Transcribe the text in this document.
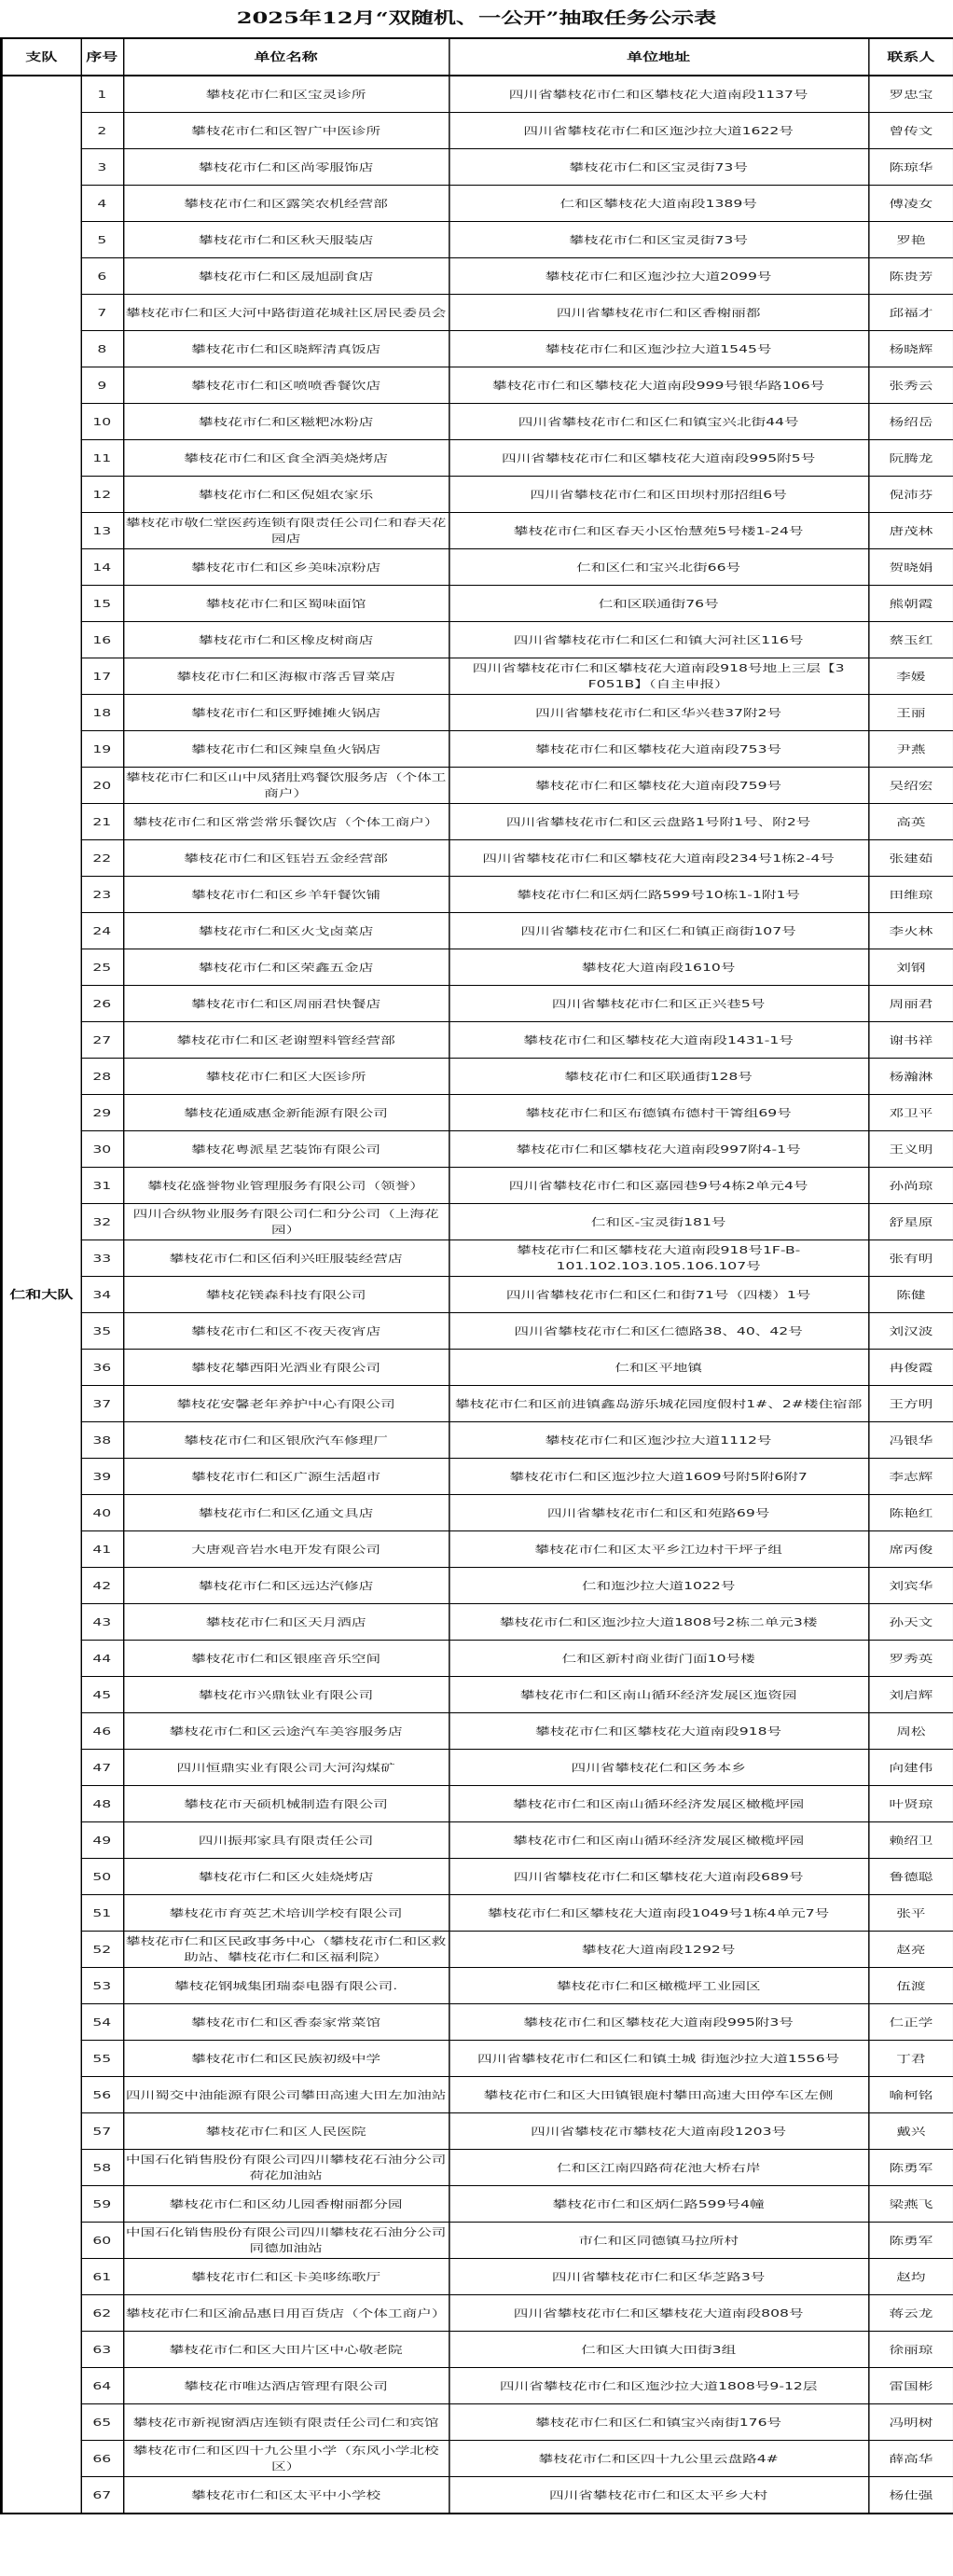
2025年12月“双随机、一公开”抽取任务公示表
支队	序号	单位名称	单位地址	联系人
仁和大队	1	攀枝花市仁和区宝灵诊所	四川省攀枝花市仁和区攀枝花大道南段1137号	罗忠宝
	2	攀枝花市仁和区智广中医诊所	四川省攀枝花市仁和区迤沙拉大道1622号	曾传文
	3	攀枝花市仁和区尚零服饰店	攀枝花市仁和区宝灵街73号	陈琼华
	4	攀枝花市仁和区露笑农机经营部	仁和区攀枝花大道南段1389号	傅凌女
	5	攀枝花市仁和区秋天服装店	攀枝花市仁和区宝灵街73号	罗艳
	6	攀枝花市仁和区晟旭副食店	攀枝花市仁和区迤沙拉大道2099号	陈贵芳
	7	攀枝花市仁和区大河中路街道花城社区居民委员会	四川省攀枝花市仁和区香榭丽都	邱福才
	8	攀枝花市仁和区晓辉清真饭店	攀枝花市仁和区迤沙拉大道1545号	杨晓辉
	9	攀枝花市仁和区喷喷香餐饮店	攀枝花市仁和区攀枝花大道南段999号银华路106号	张秀云
	10	攀枝花市仁和区糍粑冰粉店	四川省攀枝花市仁和区仁和镇宝兴北街44号	杨绍岳
	11	攀枝花市仁和区食全酒美烧烤店	四川省攀枝花市仁和区攀枝花大道南段995附5号	阮腾龙
	12	攀枝花市仁和区倪姐农家乐	四川省攀枝花市仁和区田坝村那招组6号	倪沛芬
	13	攀枝花市敬仁堂医药连锁有限责任公司仁和春天花园店	攀枝花市仁和区春天小区怡慧苑5号楼1-24号	唐茂林
	14	攀枝花市仁和区乡美味凉粉店	仁和区仁和宝兴北街66号	贺晓娟
	15	攀枝花市仁和区蜀味面馆	仁和区联通街76号	熊朝霞
	16	攀枝花市仁和区橡皮树商店	四川省攀枝花市仁和区仁和镇大河社区116号	蔡玉红
	17	攀枝花市仁和区海椒市落舌冒菜店	四川省攀枝花市仁和区攀枝花大道南段918号地上三层【3 F051B】（自主申报）	李媛
	18	攀枝花市仁和区野摊摊火锅店	四川省攀枝花市仁和区华兴巷37附2号	王丽
	19	攀枝花市仁和区辣皇鱼火锅店	攀枝花市仁和区攀枝花大道南段753号	尹燕
	20	攀枝花市仁和区山中凤猪肚鸡餐饮服务店（个体工商户）	攀枝花市仁和区攀枝花大道南段759号	吴绍宏
	21	攀枝花市仁和区常尝常乐餐饮店（个体工商户）	四川省攀枝花市仁和区云盘路1号附1号、附2号	高英
	22	攀枝花市仁和区钰岩五金经营部	四川省攀枝花市仁和区攀枝花大道南段234号1栋2-4号	张建茹
	23	攀枝花市仁和区乡羊轩餐饮铺	攀枝花市仁和区炳仁路599号10栋1-1附1号	田维琼
	24	攀枝花市仁和区火戈卤菜店	四川省攀枝花市仁和区仁和镇正商街107号	李火林
	25	攀枝花市仁和区荣鑫五金店	攀枝花大道南段1610号	刘钢
	26	攀枝花市仁和区周丽君快餐店	四川省攀枝花市仁和区正兴巷5号	周丽君
	27	攀枝花市仁和区老谢塑料管经营部	攀枝花市仁和区攀枝花大道南段1431-1号	谢书祥
	28	攀枝花市仁和区大医诊所	攀枝花市仁和区联通街128号	杨瀚淋
	29	攀枝花通威惠金新能源有限公司	攀枝花市仁和区布德镇布德村干箐组69号	邓卫平
	30	攀枝花粤派星艺装饰有限公司	攀枝花市仁和区攀枝花大道南段997附4-1号	王义明
	31	攀枝花盛誉物业管理服务有限公司（领誉）	四川省攀枝花市仁和区嘉园巷9号4栋2单元4号	孙尚琼
	32	四川合纵物业服务有限公司仁和分公司（上海花园）	仁和区-宝灵街181号	舒星原
	33	攀枝花市仁和区佰利兴旺服装经营店	攀枝花市仁和区攀枝花大道南段918号1F-B-101.102.103.105.106.107号	张有明
	34	攀枝花镁森科技有限公司	四川省攀枝花市仁和区仁和街71号（四楼）1号	陈健
	35	攀枝花市仁和区不夜天夜宵店	四川省攀枝花市仁和区仁德路38、40、42号	刘汉波
	36	攀枝花攀西阳光酒业有限公司	仁和区平地镇	冉俊霞
	37	攀枝花安馨老年养护中心有限公司	攀枝花市仁和区前进镇鑫岛游乐城花园度假村1#、2#楼住宿部	王方明
	38	攀枝花市仁和区银欣汽车修理厂	攀枝花市仁和区迤沙拉大道1112号	冯银华
	39	攀枝花市仁和区广源生活超市	攀枝花市仁和区迤沙拉大道1609号附5附6附7	李志辉
	40	攀枝花市仁和区亿通文具店	四川省攀枝花市仁和区和苑路69号	陈艳红
	41	大唐观音岩水电开发有限公司	攀枝花市仁和区太平乡江边村干坪子组	席丙俊
	42	攀枝花市仁和区远达汽修店	仁和迤沙拉大道1022号	刘宾华
	43	攀枝花市仁和区天月酒店	攀枝花市仁和区迤沙拉大道1808号2栋二单元3楼	孙天文
	44	攀枝花市仁和区银座音乐空间	仁和区新村商业街门面10号楼	罗秀英
	45	攀枝花市兴鼎钛业有限公司	攀枝花市仁和区南山循环经济发展区迤资园	刘启辉
	46	攀枝花市仁和区云途汽车美容服务店	攀枝花市仁和区攀枝花大道南段918号	周松
	47	四川恒鼎实业有限公司大河沟煤矿	四川省攀枝花仁和区务本乡	向建伟
	48	攀枝花市天硕机械制造有限公司	攀枝花市仁和区南山循环经济发展区橄榄坪园	叶贤琼
	49	四川振邦家具有限责任公司	攀枝花市仁和区南山循环经济发展区橄榄坪园	赖绍卫
	50	攀枝花市仁和区火娃烧烤店	四川省攀枝花市仁和区攀枝花大道南段689号	鲁德聪
	51	攀枝花市育英艺术培训学校有限公司	攀枝花市仁和区攀枝花大道南段1049号1栋4单元7号	张平
	52	攀枝花市仁和区民政事务中心（攀枝花市仁和区救助站、攀枝花市仁和区福利院）	攀枝花大道南段1292号	赵亮
	53	攀枝花钢城集团瑞泰电器有限公司.	攀枝花市仁和区橄榄坪工业园区	伍渡
	54	攀枝花市仁和区香泰家常菜馆	攀枝花市仁和区攀枝花大道南段995附3号	仁正学
	55	攀枝花市仁和区民族初级中学	四川省攀枝花市仁和区仁和镇土城 街迤沙拉大道1556号	丁君
	56	四川蜀交中油能源有限公司攀田高速大田左加油站	攀枝花市仁和区大田镇银鹿村攀田高速大田停车区左侧	喻柯铭
	57	攀枝花市仁和区人民医院	四川省攀枝花市攀枝花大道南段1203号	戴兴
	58	中国石化销售股份有限公司四川攀枝花石油分公司荷花加油站	仁和区江南四路荷花池大桥右岸	陈勇军
	59	攀枝花市仁和区幼儿园香榭丽都分园	攀枝花市仁和区炳仁路599号4幢	梁燕飞
	60	中国石化销售股份有限公司四川攀枝花石油分公司同德加油站	市仁和区同德镇马拉所村	陈勇军
	61	攀枝花市仁和区卡美哆练歌厅	四川省攀枝花市仁和区华芝路3号	赵均
	62	攀枝花市仁和区渝品惠日用百货店（个体工商户）	四川省攀枝花市仁和区攀枝花大道南段808号	蒋云龙
	63	攀枝花市仁和区大田片区中心敬老院	仁和区大田镇大田街3组	徐丽琼
	64	攀枝花市唯达酒店管理有限公司	四川省攀枝花市仁和区迤沙拉大道1808号9-12层	雷国彬
	65	攀枝花市新视窗酒店连锁有限责任公司仁和宾馆	攀枝花市仁和区仁和镇宝兴南街176号	冯明树
	66	攀枝花市仁和区四十九公里小学（东风小学北校区）	攀枝花市仁和区四十九公里云盘路4#	薛高华
	67	攀枝花市仁和区太平中小学校	四川省攀枝花市仁和区太平乡大村	杨仕强
